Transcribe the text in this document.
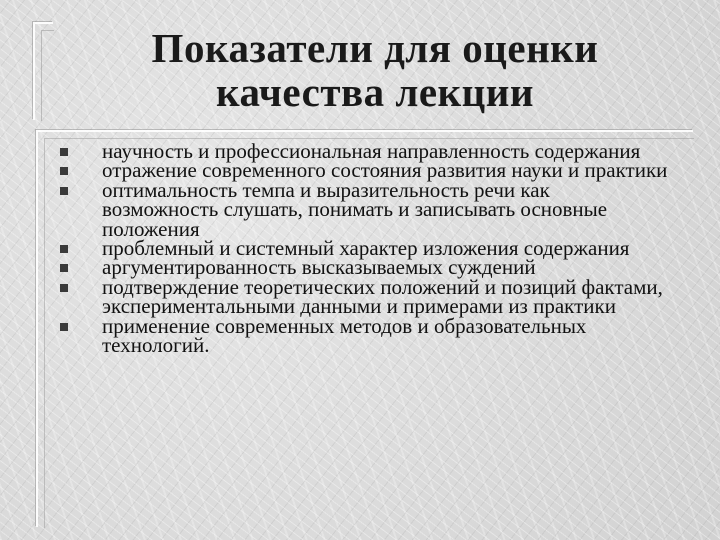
Показатели для оценки
качества лекции
научность и профессиональная направленность содержания
отражение современного состояния развития науки и практики
оптимальность темпа и выразительность речи как возможность слушать, понимать и записывать основные положения
проблемный и системный характер изложения содержания
аргументированность высказываемых суждений
подтверждение теоретических положений и позиций фактами, экспериментальными данными и примерами из практики
применение современных методов и образовательных технологий.
